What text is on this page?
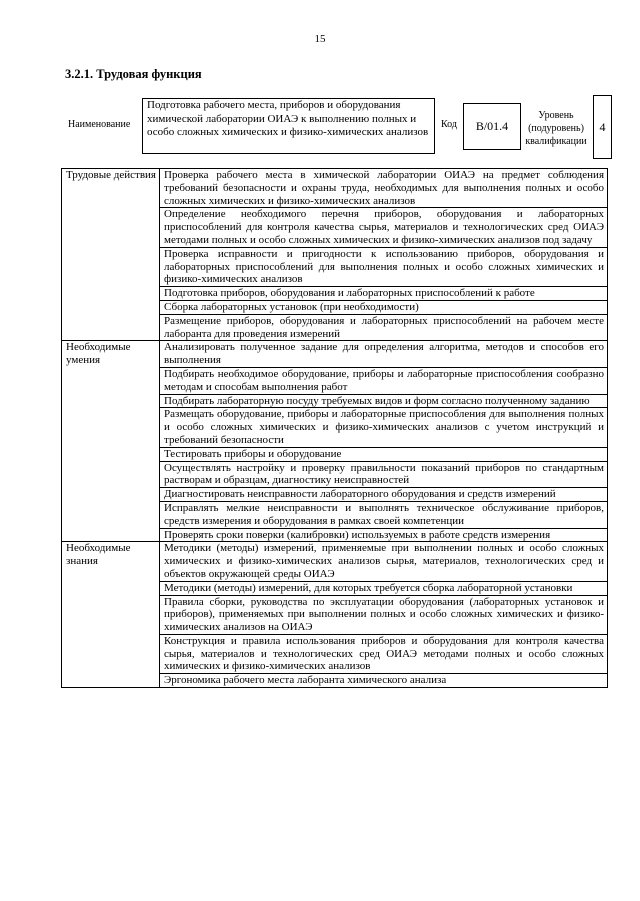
15
3.2.1. Трудовая функция
Наименование
Подготовка рабочего места, приборов и оборудования химической лаборатории ОИАЭ к выполнению полных и особо сложных химических и физико-химических анализов
Код	В/01.4
Уровень (подуровень) квалификации
4
Трудовые действия	Проверка рабочего места в химической лаборатории ОИАЭ на предмет соблюдения требований безопасности и охраны труда, необходимых для выполнения полных и особо сложных химических и физико-химических анализов
	Определение необходимого перечня приборов, оборудования и лабораторных приспособлений для контроля качества сырья, материалов и технологических сред ОИАЭ методами полных и особо сложных химических и физико-химических анализов под задачу
	Проверка исправности и пригодности к использованию приборов, оборудования и лабораторных приспособлений для выполнения полных и особо сложных химических и физико-химических анализов
	Подготовка приборов, оборудования и лабораторных приспособлений к работе
	Сборка лабораторных установок (при необходимости)
	Размещение приборов, оборудования и лабораторных приспособлений на рабочем месте лаборанта для проведения измерений
Необходимые умения	Анализировать полученное задание для определения алгоритма, методов и способов его выполнения
	Подбирать необходимое оборудование, приборы и лабораторные приспособления сообразно методам и способам выполнения работ
	Подбирать лабораторную посуду требуемых видов и форм согласно полученному заданию
	Размещать оборудование, приборы и лабораторные приспособления для выполнения полных и особо сложных химических и физико-химических анализов с учетом инструкций и требований безопасности
	Тестировать приборы и оборудование
	Осуществлять настройку и проверку правильности показаний приборов по стандартным растворам и образцам, диагностику неисправностей
	Диагностировать неисправности лабораторного оборудования и средств измерений
	Исправлять мелкие неисправности и выполнять техническое обслуживание приборов, средств измерения и оборудования в рамках своей компетенции
	Проверять сроки поверки (калибровки) используемых в работе средств измерения
Необходимые знания	Методики (методы) измерений, применяемые при выполнении полных и особо сложных химических и физико-химических анализов сырья, материалов, технологических сред и объектов окружающей среды ОИАЭ
	Методики (методы) измерений, для которых требуется сборка лабораторной установки
	Правила сборки, руководства по эксплуатации оборудования (лабораторных установок и приборов), применяемых при выполнении полных и особо сложных химических и физико-химических анализов на ОИАЭ
	Конструкция и правила использования приборов и оборудования для контроля качества сырья, материалов и технологических сред ОИАЭ методами полных и особо сложных химических и физико-химических анализов
	Эргономика рабочего места лаборанта химического анализа
